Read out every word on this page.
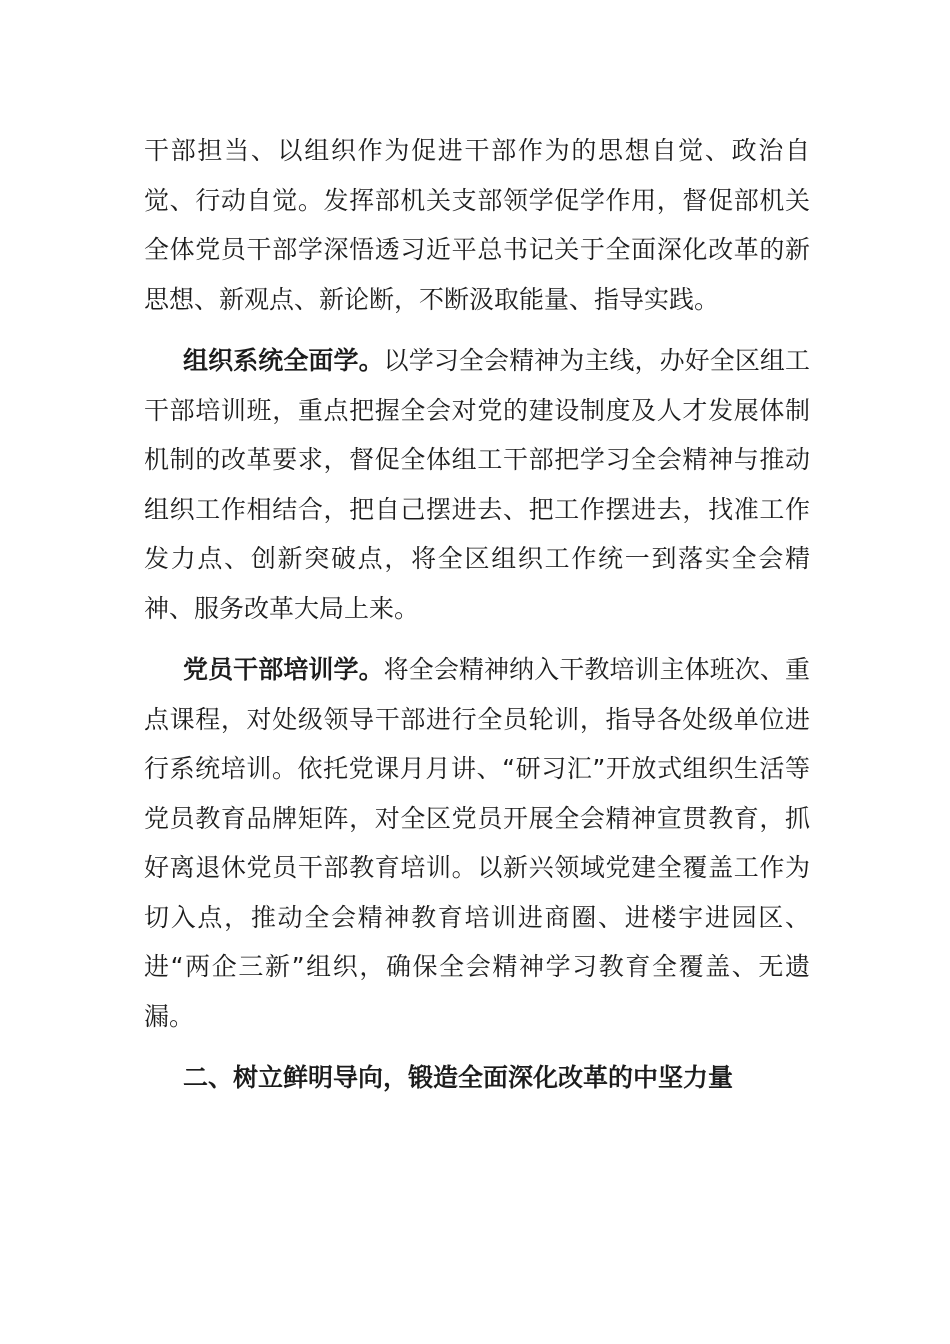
干部担当、以组织作为促进干部作为的思想自觉、政治自觉、行动自觉。发挥部机关支部领学促学作用，督促部机关全体党员干部学深悟透习近平总书记关于全面深化改革的新思想、新观点、新论断，不断汲取能量、指导实践。

组织系统全面学。以学习全会精神为主线，办好全区组工干部培训班，重点把握全会对党的建设制度及人才发展体制机制的改革要求，督促全体组工干部把学习全会精神与推动组织工作相结合，把自己摆进去、把工作摆进去，找准工作发力点、创新突破点，将全区组织工作统一到落实全会精神、服务改革大局上来。

党员干部培训学。将全会精神纳入干教培训主体班次、重点课程，对处级领导干部进行全员轮训，指导各处级单位进行系统培训。依托党课月月讲、“研习汇”开放式组织生活等党员教育品牌矩阵，对全区党员开展全会精神宣贯教育，抓好离退休党员干部教育培训。以新兴领域党建全覆盖工作为切入点，推动全会精神教育培训进商圈、进楼宇进园区、进“两企三新”组织，确保全会精神学习教育全覆盖、无遗漏。

二、树立鲜明导向，锻造全面深化改革的中坚力量
